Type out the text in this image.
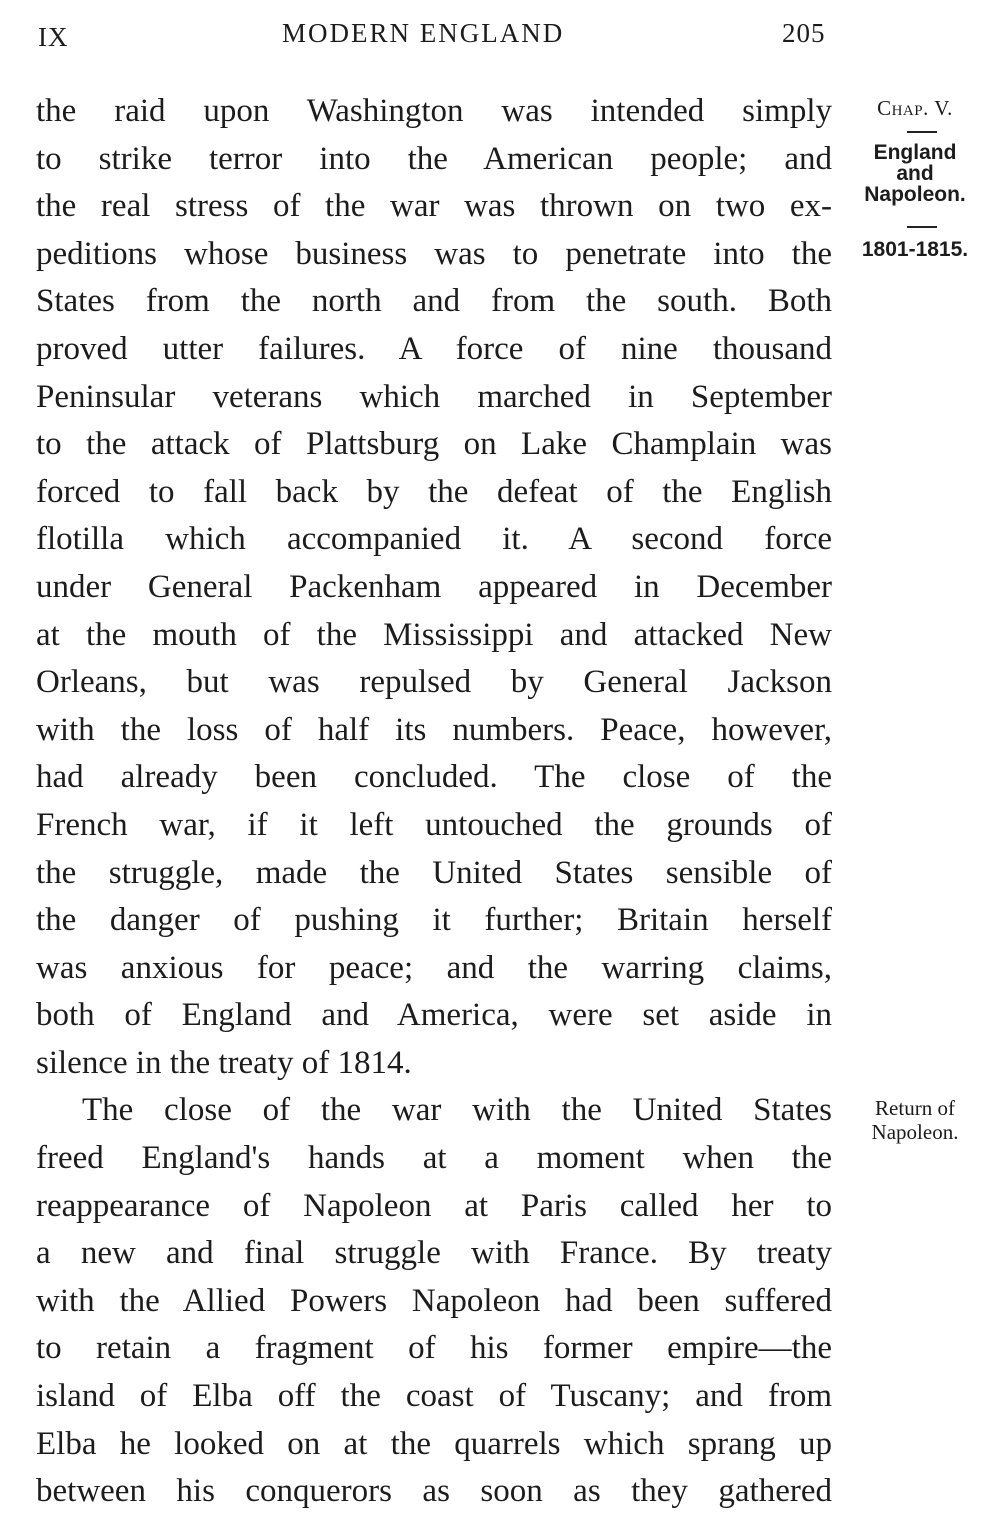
IX	MODERN ENGLAND	205
Chap. V.
England
and
Napoleon.
1801-1815.
Return of
Napoleon.
the raid upon Washington was intended simply
to strike terror into the American people; and
the real stress of the war was thrown on two ex-
peditions whose business was to penetrate into the
States from the north and from the south. Both
proved utter failures. A force of nine thousand
Peninsular veterans which marched in September
to the attack of Plattsburg on Lake Champlain was
forced to fall back by the defeat of the English
flotilla which accompanied it. A second force
under General Packenham appeared in December
at the mouth of the Mississippi and attacked New
Orleans, but was repulsed by General Jackson
with the loss of half its numbers. Peace, however,
had already been concluded. The close of the
French war, if it left untouched the grounds of
the struggle, made the United States sensible of
the danger of pushing it further; Britain herself
was anxious for peace; and the warring claims,
both of England and America, were set aside in
silence in the treaty of 1814.
The close of the war with the United States
freed England's hands at a moment when the
reappearance of Napoleon at Paris called her to
a new and final struggle with France. By treaty
with the Allied Powers Napoleon had been suffered
to retain a fragment of his former empire—the
island of Elba off the coast of Tuscany; and from
Elba he looked on at the quarrels which sprang up
between his conquerors as soon as they gathered
